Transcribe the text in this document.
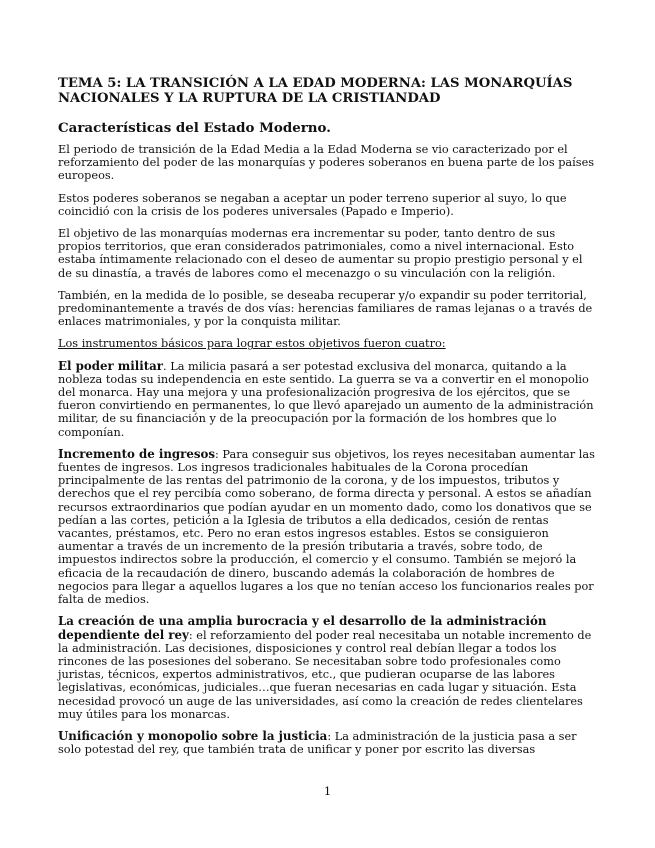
TEMA 5: LA TRANSICIÓN A LA EDAD MODERNA: LAS MONARQUÍAS NACIONALES Y LA RUPTURA DE LA CRISTIANDAD
Características del Estado Moderno.

El periodo de transición de la Edad Media a la Edad Moderna se vio caracterizado por el reforzamiento del poder de las monarquías y poderes soberanos en buena parte de los países europeos.

Estos poderes soberanos se negaban a aceptar un poder terreno superior al suyo, lo que coincidió con la crisis de los poderes universales (Papado e Imperio).

El objetivo de las monarquías modernas era incrementar su poder, tanto dentro de sus propios territorios, que eran considerados patrimoniales, como a nivel internacional. Esto estaba íntimamente relacionado con el deseo de aumentar su propio prestigio personal y el de su dinastía, a través de labores como el mecenazgo o su vinculación con la religión.

También, en la medida de lo posible, se deseaba recuperar y/o expandir su poder territorial, predominantemente a través de dos vías: herencias familiares de ramas lejanas o a través de enlaces matrimoniales, y por la conquista militar.

Los instrumentos básicos para lograr estos objetivos fueron cuatro:

El poder militar. La milicia pasará a ser potestad exclusiva del monarca, quitando a la nobleza todas su independencia en este sentido. La guerra se va a convertir en el monopolio del monarca. Hay una mejora y una profesionalización progresiva de los ejércitos, que se fueron convirtiendo en permanentes, lo que llevó aparejado un aumento de la administración militar, de su financiación y de la preocupación por la formación de los hombres que lo componían.

Incremento de ingresos: Para conseguir sus objetivos, los reyes necesitaban aumentar las fuentes de ingresos. Los ingresos tradicionales habituales de la Corona procedían principalmente de las rentas del patrimonio de la corona, y de los impuestos, tributos y derechos que el rey percibía como soberano, de forma directa y personal. A estos se añadían recursos extraordinarios que podían ayudar en un momento dado, como los donativos que se pedían a las cortes, petición a la Iglesia de tributos a ella dedicados, cesión de rentas vacantes, préstamos, etc. Pero no eran estos ingresos estables. Estos se consiguieron aumentar a través de un incremento de la presión tributaria a través, sobre todo, de impuestos indirectos sobre la producción, el comercio y el consumo. También se mejoró la eficacia de la recaudación de dinero, buscando además la colaboración de hombres de negocios para llegar a aquellos lugares a los que no tenían acceso los funcionarios reales por falta de medios.

La creación de una amplia burocracia y el desarrollo de la administración dependiente del rey: el reforzamiento del poder real necesitaba un notable incremento de la administración. Las decisiones, disposiciones y control real debían llegar a todos los rincones de las posesiones del soberano. Se necesitaban sobre todo profesionales como juristas, técnicos, expertos administrativos, etc., que pudieran ocuparse de las labores legislativas, económicas, judiciales…que fueran necesarias en cada lugar y situación. Esta necesidad provocó un auge de las universidades, así como la creación de redes clientelares muy útiles para los monarcas.

Unificación y monopolio sobre la justicia: La administración de la justicia pasa a ser solo potestad del rey, que también trata de unificar y poner por escrito las diversas

1
